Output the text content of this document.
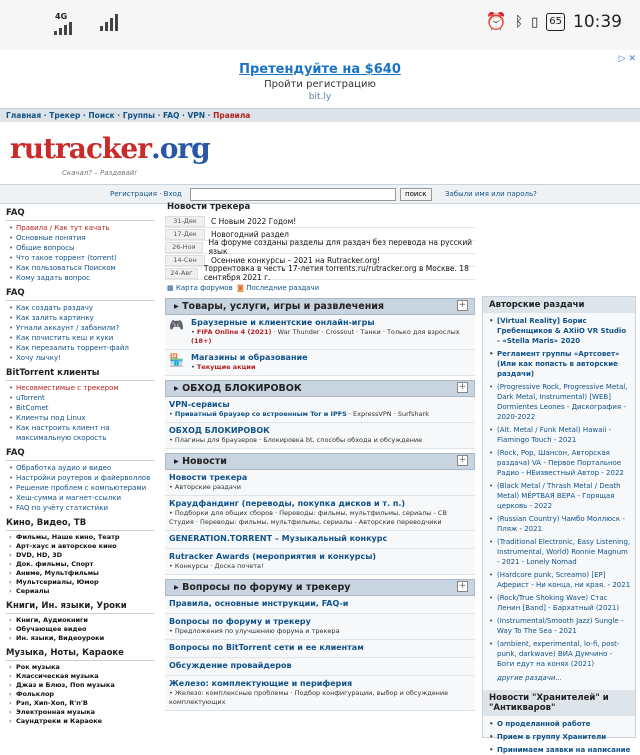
4G	⏰ ᛒ ▯	65 10:39
▷ ✕
Претендуйте на $640
Пройти регистрацию
bit.ly
Главная · Трекер · Поиск · Группы · FAQ · VPN · Правила
rutracker.org
Скачал? – Раздавай!
Регистрация · Вход	поиск	Забыли имя или пароль?
FAQ
• Правила / Как тут качать
• Основные понятия
• Общие вопросы
• Что такое торрент (torrent)
• Как пользоваться Поиском
• Кому задать вопрос
FAQ
• Как создать раздачу
• Как залить картинку
• Угнали аккаунт / забанили?
• Как почистить кеш и куки
• Как перезалить торрент-файл
• Хочу лычку!
BitTorrent клиенты
• Несовместимые с трекером
• uTorrent
• BitComet
• Клиенты под Linux
• Как настроить клиент на максимальную скорость
FAQ
• Обработка аудио и видео
• Настройки роутеров и файерволлов
• Решение проблем с компьютерами
• Хеш-сумма и магнет-ссылки
• FAQ по учёту статистики
Кино, Видео, ТВ
› Фильмы, Наше кино, Театр
› Арт-хаус и авторское кино
› DVD, HD, 3D
› Док. фильмы, Спорт
› Аниме, Мультфильмы
› Мультсериалы, Юмор
› Сериалы
Книги, Ин. языки, Уроки
› Книги, Аудиокниги
› Обучающее видео
› Ин. языки, Видеоуроки
Музыка, Ноты, Караоке
› Рок музыка
› Классическая музыка
› Джаз и Блюз, Поп музыка
› Фольклор
› Рэп, Хип-Хоп, R'n'B
› Электронная музыка
› Саундтреки и Караоке
Новости трекера
31-Дек	С Новым 2022 Годом!
17-Дек	Новогодний раздел
26-Ноя	На форуме созданы разделы для раздач без перевода на русский язык
14-Сен	Осенние конкурсы – 2021 на Rutracker.org!
24-Авг	Торрентовка в честь 17-летия torrents.ru/rutracker.org в Москве. 18 сентября 2021 г.
▦ Карта форумов ◙ Последние раздачи
▸ Товары, услуги, игры и развлечения	+
🎮 Браузерные и клиентские онлайн-игры
• FIFA Online 4 (2021) · War Thunder · Crossout · Танки · Только для взрослых (18+)
🏪 Магазины и образование
• Текущие акции
▸ ОБХОД БЛОКИРОВОК	+
VPN-сервисы
• Приватный браузер со встроенным Tor и IPFS · ExpressVPN · Surfshark
ОБХОД БЛОКИРОВОК
• Плагины для браузеров · Блокировка bt, способы обхода и обсуждение
▸ Новости	+
Новости трекера
• Авторские раздачи
Краудфандинг (переводы, покупка дисков и т. п.)
• Подборки для общих сборов · Переводы: фильмы, мультфильмы, сериалы - СВ Студия · Переводы: фильмы, мультфильмы, сериалы - Авторские переводчики
GENERATION.TORRENT – Музыкальный конкурс
Rutracker Awards (мероприятия и конкурсы)
• Конкурсы · Доска почета!
▸ Вопросы по форуму и трекеру	+
Правила, основные инструкции, FAQ-и
Вопросы по форуму и трекеру
• Предложения по улучшению форума и трекера
Вопросы по BitTorrent сети и ее клиентам
Обсуждение провайдеров
Железо: комплектующие и периферия
• Железо: комплексные проблемы · Подбор конфигурации, выбор и обсуждение комплектующих
Авторские раздачи
• [Virtual Reality] Борис Гребенщиков & AXiiO VR Studio - «Stella Maris» 2020
• Регламент группы «Артсовет» (Или как попасть в авторские раздачи)
• (Progressive Rock, Progressive Metal, Dark Metal, Instrumental) [WEB] Dormientes Leones - Дискография - 2020-2022
• (Alt. Metal / Funk Metal) Hawaii - Flamingo Touch - 2021
• (Rock, Pop, Шансон, Авторская раздача) VA - Первое Портальное Радио - НЕизвестный Автор - 2022
• (Black Metal / Thrash Metal / Death Metal) МЁРТВАЯ ВЕРА - Горящая церковь - 2022
• (Russian Country) Чамбо Моллюск - Пляж - 2021
• (Traditional Electronic, Easy Listening, Instrumental, World) Ronnie Magnum - 2021 - Lonely Nomad
• (Hardcore punk, Screamo) [EP] Аферист - Ни конца, ни края. - 2021
• (Rock/True Shoking Wave) Стас Ленин [Band] - Бархатный (2021)
• (Instrumental/Smooth Jazz) Sungle - Way To The Sea - 2021
• (ambient, experimental, lo-fi, post-punk, darkwave) ВИА Думчино - Боги едут на конях (2021)
другие раздачи...
Новости "Хранителей" и "Антикваров"
• О проделанной работе
• Прием в группу Хранители
• Принимаем заявки на написание
